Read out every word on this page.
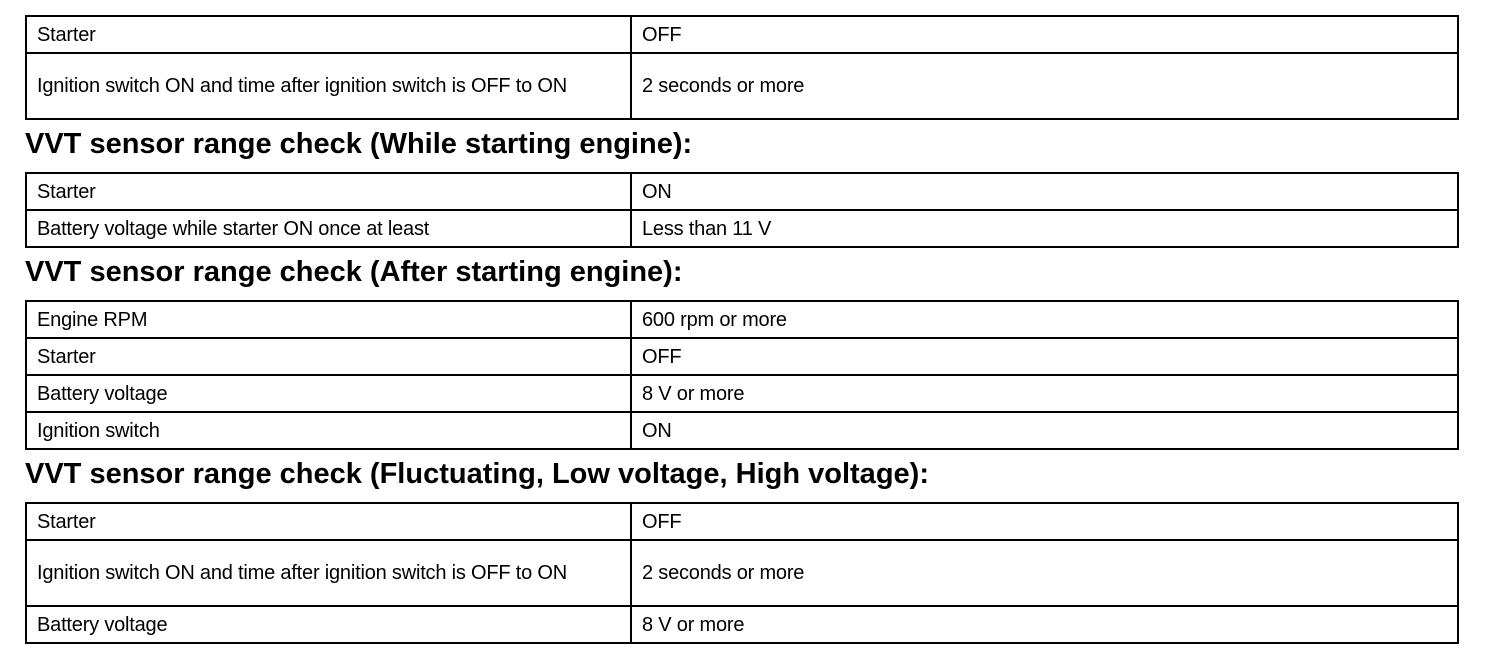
Starter	OFF
Ignition switch ON and time after ignition switch is OFF to ON	2 seconds or more
VVT sensor range check (While starting engine):
Starter	ON
Battery voltage while starter ON once at least	Less than 11 V
VVT sensor range check (After starting engine):
Engine RPM	600 rpm or more
Starter	OFF
Battery voltage	8 V or more
Ignition switch	ON
VVT sensor range check (Fluctuating, Low voltage, High voltage):
Starter	OFF
Ignition switch ON and time after ignition switch is OFF to ON	2 seconds or more
Battery voltage	8 V or more
